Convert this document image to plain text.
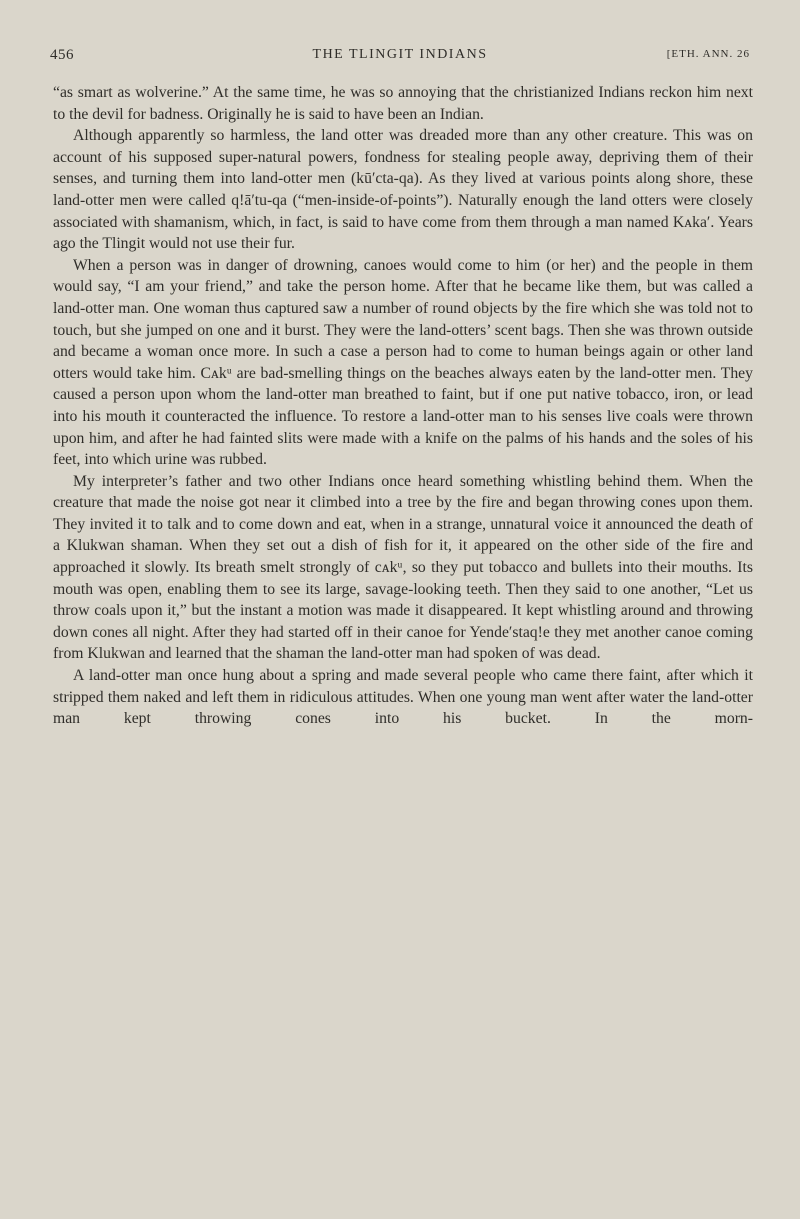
456	THE TLINGIT INDIANS	[ETH. ANN. 26

“as smart as wolverine.” At the same time, he was so annoying that the christianized Indians reckon him next to the devil for badness. Originally he is said to have been an Indian.

Although apparently so harmless, the land otter was dreaded more than any other creature. This was on account of his supposed super-natural powers, fondness for stealing people away, depriving them of their senses, and turning them into land-otter men (kū′cta-qa). As they lived at various points along shore, these land-otter men were called q!ā′tu-qa (“men-inside-of-points”). Naturally enough the land otters were closely associated with shamanism, which, in fact, is said to have come from them through a man named Kᴀka′. Years ago the Tlingit would not use their fur.

When a person was in danger of drowning, canoes would come to him (or her) and the people in them would say, “I am your friend,” and take the person home. After that he became like them, but was called a land-otter man. One woman thus captured saw a number of round objects by the fire which she was told not to touch, but she jumped on one and it burst. They were the land-otters’ scent bags. Then she was thrown outside and became a woman once more. In such a case a person had to come to human beings again or other land otters would take him. Cᴀkᵘ are bad-smelling things on the beaches always eaten by the land-otter men. They caused a person upon whom the land-otter man breathed to faint, but if one put native tobacco, iron, or lead into his mouth it counteracted the influence. To restore a land-otter man to his senses live coals were thrown upon him, and after he had fainted slits were made with a knife on the palms of his hands and the soles of his feet, into which urine was rubbed.

My interpreter’s father and two other Indians once heard something whistling behind them. When the creature that made the noise got near it climbed into a tree by the fire and began throwing cones upon them. They invited it to talk and to come down and eat, when in a strange, unnatural voice it announced the death of a Klukwan shaman. When they set out a dish of fish for it, it appeared on the other side of the fire and approached it slowly. Its breath smelt strongly of cᴀkᵘ, so they put tobacco and bullets into their mouths. Its mouth was open, enabling them to see its large, savage-looking teeth. Then they said to one another, “Let us throw coals upon it,” but the instant a motion was made it disappeared. It kept whistling around and throwing down cones all night. After they had started off in their canoe for Yende′staq!e they met another canoe coming from Klukwan and learned that the shaman the land-otter man had spoken of was dead.

A land-otter man once hung about a spring and made several people who came there faint, after which it stripped them naked and left them in ridiculous attitudes. When one young man went after water the land-otter man kept throwing cones into his bucket. In the morn-
